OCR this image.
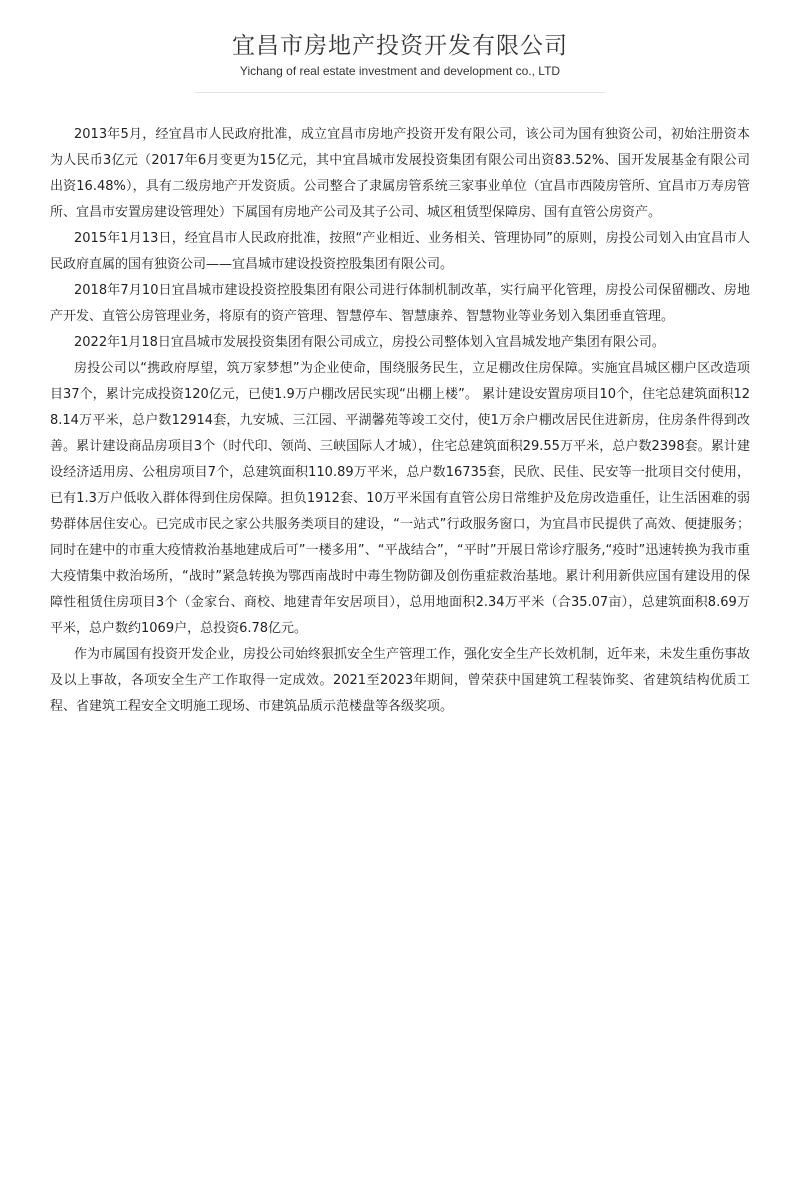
宜昌市房地产投资开发有限公司
Yichang of real estate investment and development co., LTD

2013年5月，经宜昌市人民政府批准，成立宜昌市房地产投资开发有限公司，该公司为国有独资公司，初始注册资本为人民币3亿元（2017年6月变更为15亿元，其中宜昌城市发展投资集团有限公司出资83.52%、国开发展基金有限公司出资16.48%），具有二级房地产开发资质。公司整合了隶属房管系统三家事业单位（宜昌市西陵房管所、宜昌市万寿房管所、宜昌市安置房建设管理处）下属国有房地产公司及其子公司、城区租赁型保障房、国有直管公房资产。

2015年1月13日，经宜昌市人民政府批准，按照“产业相近、业务相关、管理协同”的原则，房投公司划入由宜昌市人民政府直属的国有独资公司——宜昌城市建设投资控股集团有限公司。

2018年7月10日宜昌城市建设投资控股集团有限公司进行体制机制改革，实行扁平化管理，房投公司保留棚改、房地产开发、直管公房管理业务，将原有的资产管理、智慧停车、智慧康养、智慧物业等业务划入集团垂直管理。

2022年1月18日宜昌城市发展投资集团有限公司成立，房投公司整体划入宜昌城发地产集团有限公司。

房投公司以“携政府厚望，筑万家梦想”为企业使命，围绕服务民生，立足棚改住房保障。实施宜昌城区棚户区改造项目37个，累计完成投资120亿元，已使1.9万户棚改居民实现“出棚上楼”。 累计建设安置房项目10个，住宅总建筑面积128.14万平米，总户数12914套，九安城、三江园、平湖馨苑等竣工交付，使1万余户棚改居民住进新房，住房条件得到改善。累计建设商品房项目3个（时代印、领尚、三峡国际人才城），住宅总建筑面积29.55万平米，总户数2398套。累计建设经济适用房、公租房项目7个，总建筑面积110.89万平米，总户数16735套，民欣、民佳、民安等一批项目交付使用，已有1.3万户低收入群体得到住房保障。担负1912套、10万平米国有直管公房日常维护及危房改造重任，让生活困难的弱势群体居住安心。已完成市民之家公共服务类项目的建设，“一站式”行政服务窗口，为宜昌市民提供了高效、便捷服务；同时在建中的市重大疫情救治基地建成后可”一楼多用”、“平战结合”，“平时”开展日常诊疗服务,“疫时”迅速转换为我市重大疫情集中救治场所，“战时”紧急转换为鄂西南战时中毒生物防御及创伤重症救治基地。累计利用新供应国有建设用的保障性租赁住房项目3个（金家台、商校、地建青年安居项目），总用地面积2.34万平米（合35.07亩），总建筑面积8.69万平米，总户数约1069户，总投资6.78亿元。

作为市属国有投资开发企业，房投公司始终狠抓安全生产管理工作，强化安全生产长效机制，近年来，未发生重伤事故及以上事故，各项安全生产工作取得一定成效。2021至2023年期间，曾荣获中国建筑工程装饰奖、省建筑结构优质工程、省建筑工程安全文明施工现场、市建筑品质示范楼盘等各级奖项。
